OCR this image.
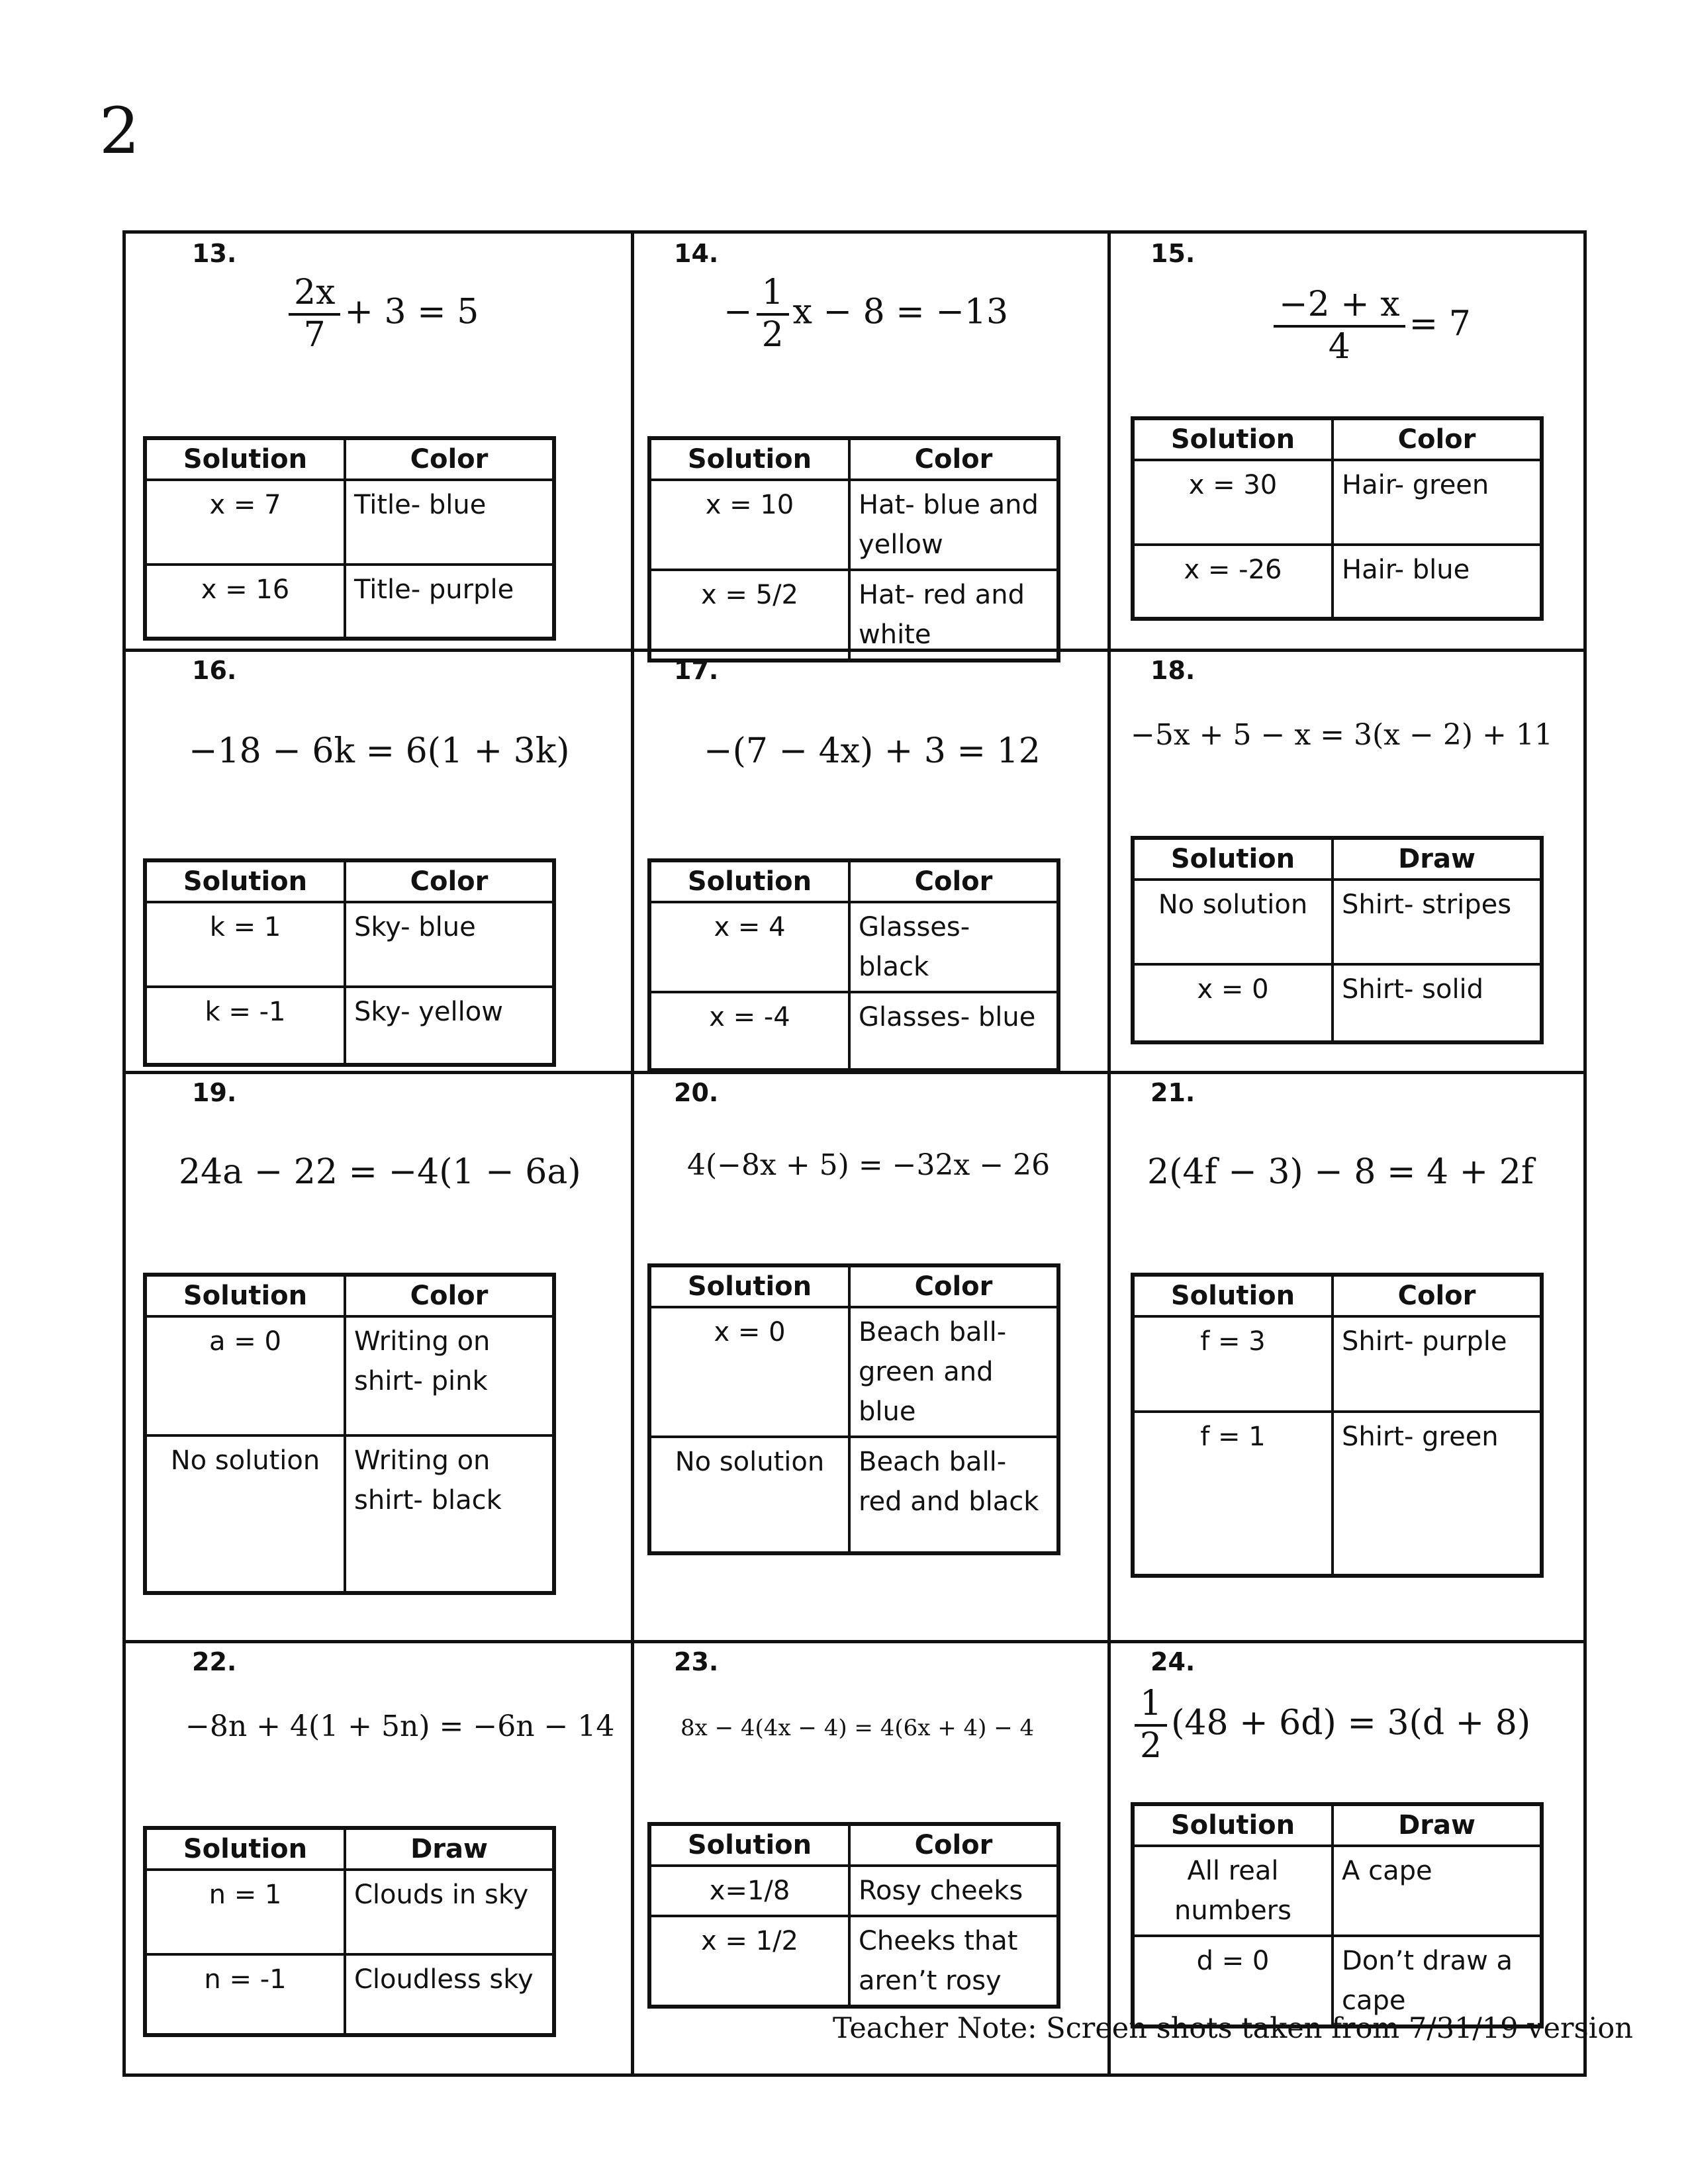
2
13.
$\frac{2x}{7} + 3 = 5$
Solution	Color
x = 7	Title- blue
x = 16	Title- purple
14.
− $\frac{1}{2}$ x − 8 = −13
Solution	Color
x = 10	Hat- blue and yellow
x = 5/2	Hat- red and white
15.
$\frac{-2 + x}{4} = 7$
Solution	Color
x = 30	Hair- green
x = -26	Hair- blue
16.
−18 − 6k = 6(1 + 3k)
Solution	Color
k = 1	Sky- blue
k = -1	Sky- yellow
17.
−(7 − 4x) + 3 = 12
Solution	Color
x = 4	Glasses- black
x = -4	Glasses- blue
18.
−5x + 5 − x = 3(x − 2) + 11
Solution	Draw
No solution	Shirt- stripes
x = 0	Shirt- solid
19.
24a − 22 = −4(1 − 6a)
Solution	Color
a = 0	Writing on shirt- pink
No solution	Writing on shirt- black
20.
4(−8x + 5) = −32x − 26
Solution	Color
x = 0	Beach ball- green and blue
No solution	Beach ball- red and black
21.
2(4f − 3) − 8 = 4 + 2f
Solution	Color
f = 3	Shirt- purple
f = 1	Shirt- green
22.
−8n + 4(1 + 5n) = −6n − 14
Solution	Draw
n = 1	Clouds in sky
n = -1	Cloudless sky
23.
8x − 4(4x − 4) = 4(6x + 4) − 4
Solution	Color
x=1/8	Rosy cheeks
x = 1/2	Cheeks that aren’t rosy
24.
$\frac{1}{2} (48 + 6d) = 3(d + 8)$
Solution	Draw
All real numbers	A cape
d = 0	Don’t draw a cape
Teacher Note: Screen shots taken from 7/31/19 version
